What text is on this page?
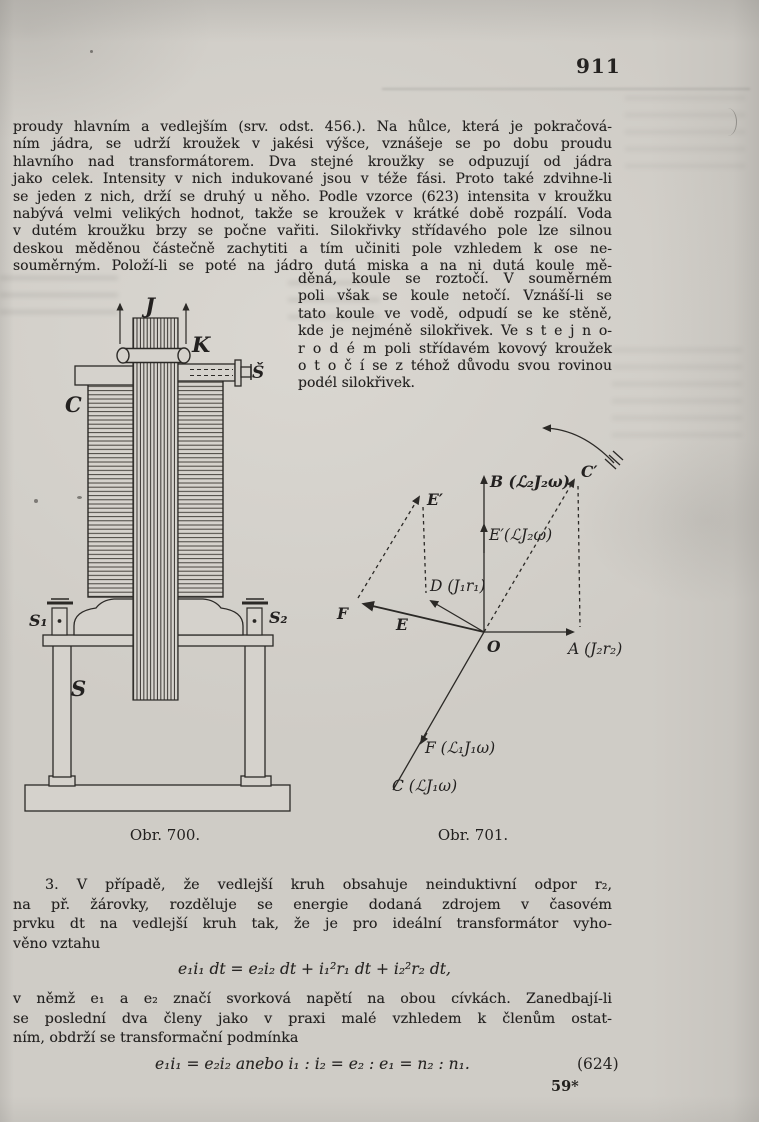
911
proudy hlavním a vedlejším (srv. odst. 456.). Na hůlce, která je pokračová-
ním jádra, se udrží kroužek v jakési výšce, vznášeje se po dobu proudu
hlavního nad transformátorem. Dva stejné kroužky se odpuzují od jádra
jako celek. Intensity v nich indukované jsou v téže fási. Proto také zdvihne-li
se jeden z nich, drží se druhý u něho. Podle vzorce (623) intensita v kroužku
nabývá velmi velikých hodnot, takže se kroužek v krátké době rozpálí. Voda
v dutém kroužku brzy se počne vařiti. Silokřivky střídavého pole lze silnou
deskou měděnou částečně zachytiti a tím učiniti pole vzhledem k ose ne-
souměrným. Položí-li se poté na jádro dutá miska a na ni dutá koule mě-
děná, koule se roztočí. V souměrném
poli však se koule netočí. Vznáší-li se
tato koule ve vodě, odpudí se ke stěně,
kde je nejméně silokřivek. Ve s t e j n o-
r o d é m poli střídavém kovový kroužek
o t o č í se z téhož důvodu svou rovinou
podél silokřivek.
J
K
Š
C
S₁	S₂
S
Obr. 700.
B (ℒ₂J₂ω)
C′
E′
E′(ℒJ₂ω)
D (J₁r₁)
F
E
O	A (J₂r₂)
F (ℒ₁J₁ω)
C (ℒJ₁ω)
Obr. 701.
3. V případě, že vedlejší kruh obsahuje neinduktivní odpor r₂,
na př. žárovky, rozděluje se energie dodaná zdrojem v časovém
prvku dt na vedlejší kruh tak, že je pro ideální transformátor vyho-
věno vztahu
e₁i₁ dt = e₂i₂ dt + i₁²r₁ dt + i₂²r₂ dt,
v němž e₁ a e₂ značí svorková napětí na obou cívkách. Zanedbají-li
se poslední dva členy jako v praxi malé vzhledem k členům ostat-
ním, obdrží se transformační podmínka
e₁i₁ = e₂i₂ anebo i₁ : i₂ = e₂ : e₁ = n₂ : n₁.	(624)
59*
